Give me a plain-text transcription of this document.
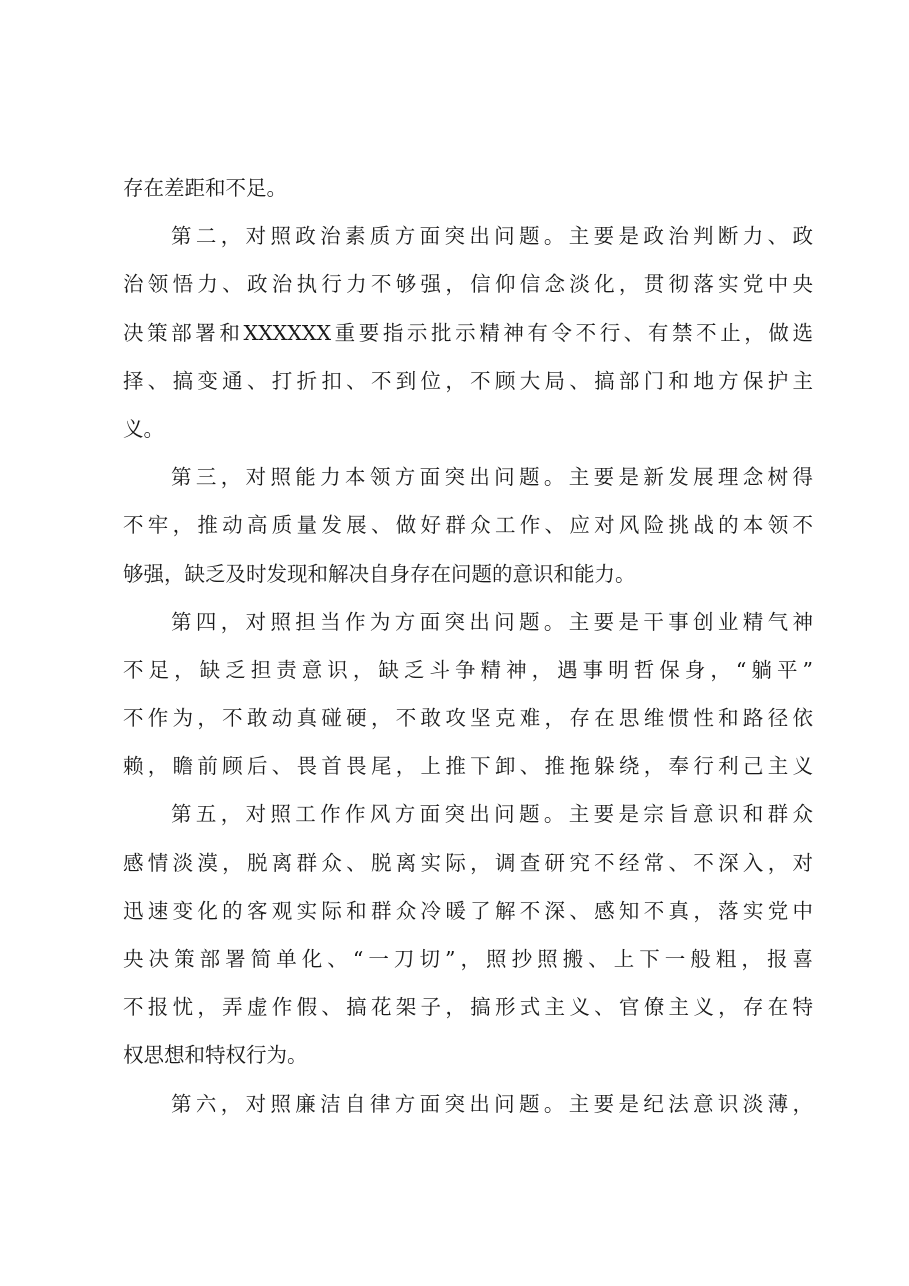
存在差距和不足。
第二，对照政治素质方面突出问题。主要是政治判断力、政
治领悟力、政治执行力不够强，信仰信念淡化，贯彻落实党中央
决策部署和XXXXXX重要指示批示精神有令不行、有禁不止，做选
择、搞变通、打折扣、不到位，不顾大局、搞部门和地方保护主
义。
第三，对照能力本领方面突出问题。主要是新发展理念树得
不牢，推动高质量发展、做好群众工作、应对风险挑战的本领不
够强，缺乏及时发现和解决自身存在问题的意识和能力。
第四，对照担当作为方面突出问题。主要是干事创业精气神
不足，缺乏担责意识，缺乏斗争精神，遇事明哲保身，“躺平”
不作为，不敢动真碰硬，不敢攻坚克难，存在思维惯性和路径依
赖，瞻前顾后、畏首畏尾，上推下卸、推拖躲绕，奉行利己主义
第五，对照工作作风方面突出问题。主要是宗旨意识和群众
感情淡漠，脱离群众、脱离实际，调查研究不经常、不深入，对
迅速变化的客观实际和群众冷暖了解不深、感知不真，落实党中
央决策部署简单化、“一刀切”，照抄照搬、上下一般粗，报喜
不报忧，弄虚作假、搞花架子，搞形式主义、官僚主义，存在特
权思想和特权行为。
第六，对照廉洁自律方面突出问题。主要是纪法意识淡薄，
